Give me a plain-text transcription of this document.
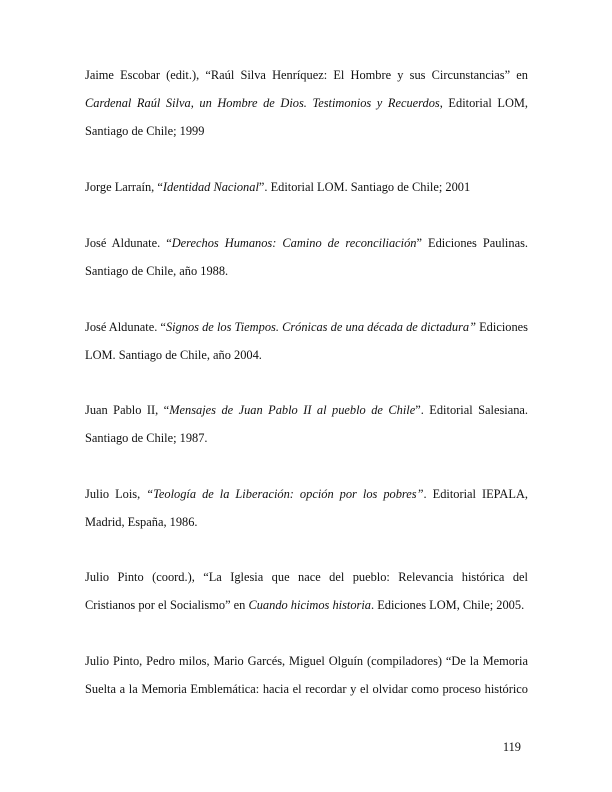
Jaime Escobar (edit.), “Raúl Silva Henríquez: El Hombre y sus Circunstancias” en
Cardenal Raúl Silva, un Hombre de Dios. Testimonios y Recuerdos, Editorial LOM,
Santiago de Chile; 1999
Jorge Larraín, “Identidad Nacional”. Editorial LOM. Santiago de Chile; 2001
José Aldunate. “Derechos Humanos: Camino de reconciliación” Ediciones Paulinas.
Santiago de Chile, año 1988.
José Aldunate. “Signos de los Tiempos. Crónicas de una década de dictadura” Ediciones
LOM. Santiago de Chile, año 2004.
Juan Pablo II, “Mensajes de Juan Pablo II al pueblo de Chile”. Editorial Salesiana.
Santiago de Chile; 1987.
Julio Lois, “Teología de la Liberación: opción por los pobres”. Editorial IEPALA,
Madrid, España, 1986.
Julio Pinto (coord.), “La Iglesia que nace del pueblo: Relevancia histórica del
Cristianos por el Socialismo” en Cuando hicimos historia. Ediciones LOM, Chile; 2005.
Julio Pinto, Pedro milos, Mario Garcés, Miguel Olguín (compiladores) “De la Memoria
Suelta a la Memoria Emblemática: hacia el recordar y el olvidar como proceso histórico
119
